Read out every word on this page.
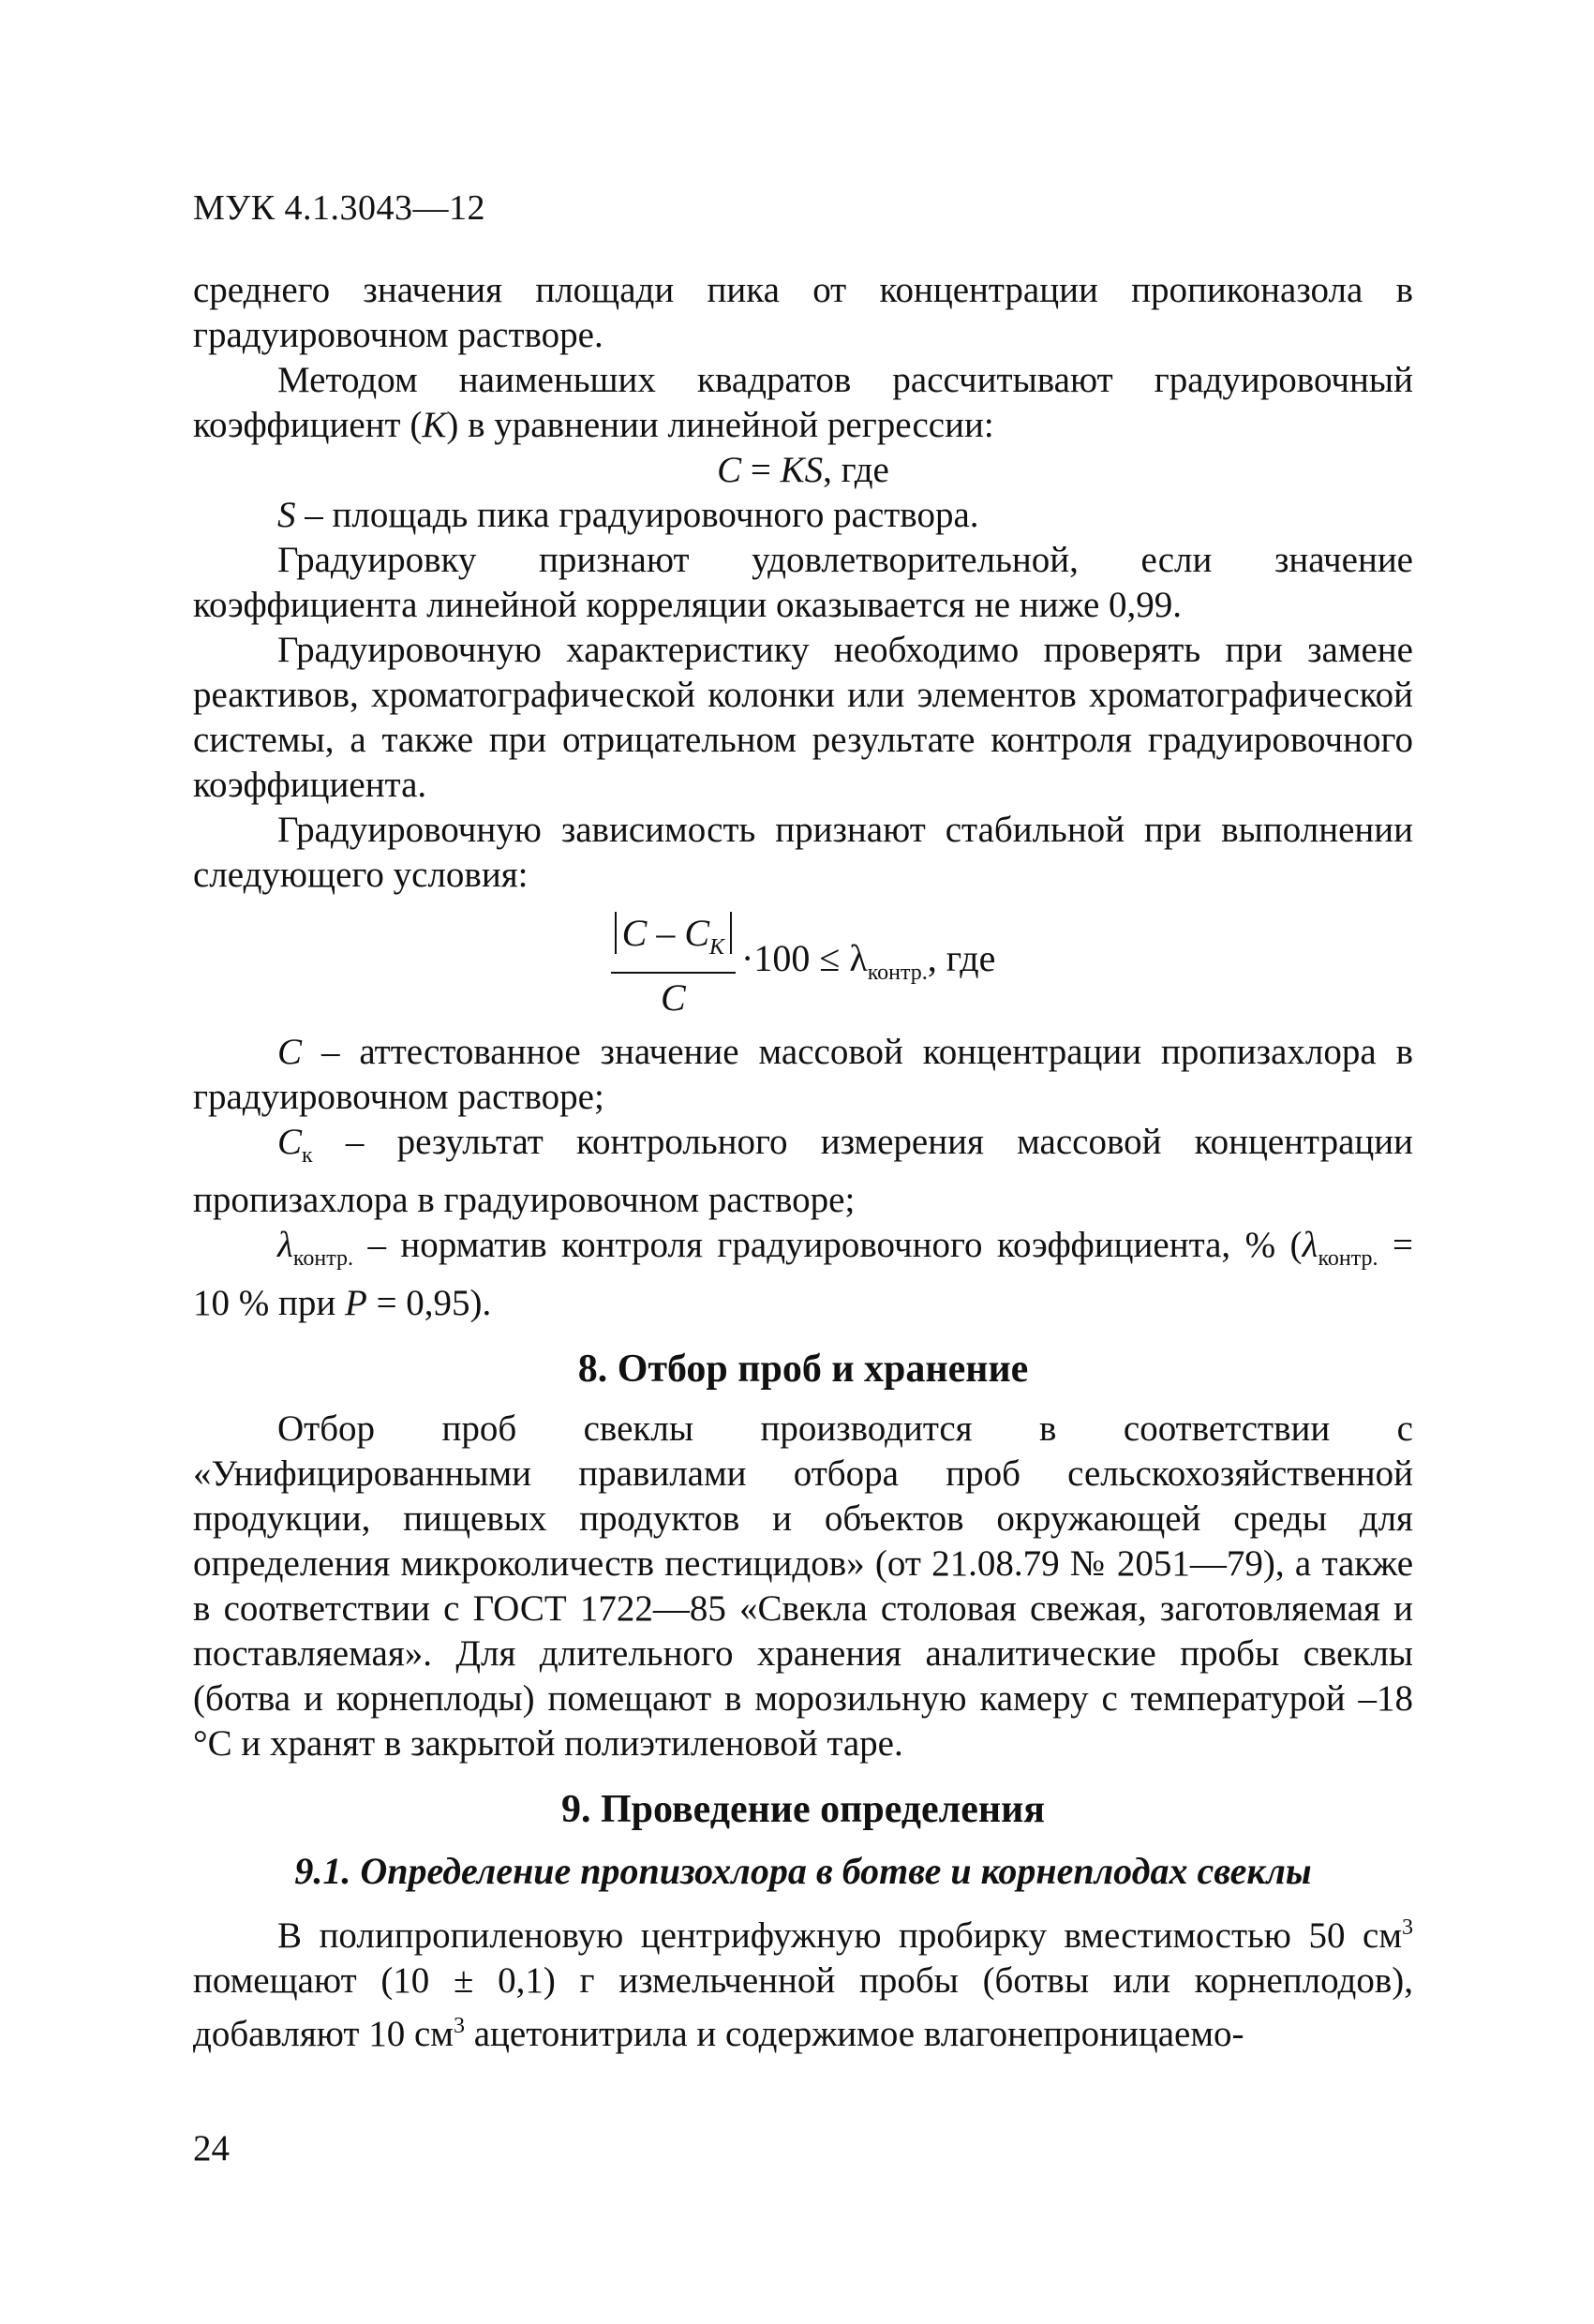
МУК 4.1.3043—12

среднего значения площади пика от концентрации пропиконазола в градуировочном растворе.

Методом наименьших квадратов рассчитывают градуировочный коэффициент (K) в уравнении линейной регрессии:

C = KS, где

S – площадь пика градуировочного раствора.

Градуировку признают удовлетворительной, если значение коэффициента линейной корреляции оказывается не ниже 0,99.

Градуировочную характеристику необходимо проверять при замене реактивов, хроматографической колонки или элементов хроматографической системы, а также при отрицательном результате контроля градуировочного коэффициента.

Градуировочную зависимость признают стабильной при выполнении следующего условия:

$\frac{C - C_K}{C} \cdot 100 \le \lambda_{контр.}$, где

C – аттестованное значение массовой концентрации пропизахлора в градуировочном растворе;

$C_к$ – результат контрольного измерения массовой концентрации пропизахлора в градуировочном растворе;

$\lambda_{контр.}$ – норматив контроля градуировочного коэффициента, % ($\lambda_{контр.} = 10$ % при P = 0,95).

8. Отбор проб и хранение

Отбор проб свеклы производится в соответствии с «Унифицированными правилами отбора проб сельскохозяйственной продукции, пищевых продуктов и объектов окружающей среды для определения микроколичеств пестицидов» (от 21.08.79 № 2051—79), а также в соответствии с ГОСТ 1722—85 «Свекла столовая свежая, заготовляемая и поставляемая». Для длительного хранения аналитические пробы свеклы (ботва и корнеплоды) помещают в морозильную камеру с температурой –18 °С и хранят в закрытой полиэтиленовой таре.

9. Проведение определения
9.1. Определение пропизохлора в ботве и корнеплодах свеклы

В полипропиленовую центрифужную пробирку вместимостью 50 $см^3$ помещают (10 ± 0,1) г измельченной пробы (ботвы или корнеплодов), добавляют 10 $см^3$ ацетонитрила и содержимое влагонепроницаемо-

24
